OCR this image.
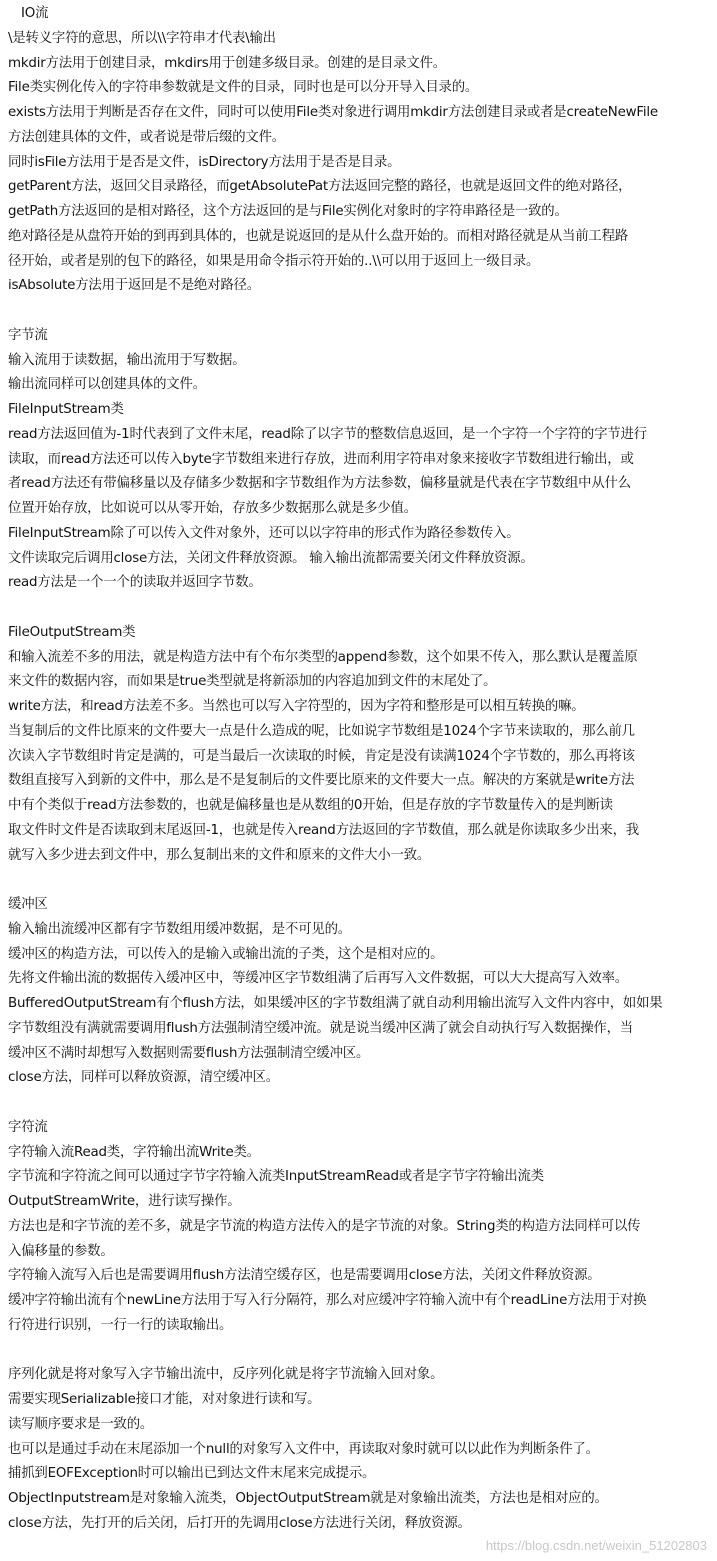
IO流
\是转义字符的意思，所以\\字符串才代表\输出
mkdir方法用于创建目录，mkdirs用于创建多级目录。创建的是目录文件。
File类实例化传入的字符串参数就是文件的目录，同时也是可以分开导入目录的。
exists方法用于判断是否存在文件，同时可以使用File类对象进行调用mkdir方法创建目录或者是createNewFile
方法创建具体的文件，或者说是带后缀的文件。
同时isFile方法用于是否是文件，isDirectory方法用于是否是目录。
getParent方法，返回父目录路径，而getAbsolutePat方法返回完整的路径，也就是返回文件的绝对路径，
getPath方法返回的是相对路径，这个方法返回的是与File实例化对象时的字符串路径是一致的。
绝对路径是从盘符开始的到再到具体的，也就是说返回的是从什么盘开始的。而相对路径就是从当前工程路
径开始，或者是别的包下的路径，如果是用命令指示符开始的..\\可以用于返回上一级目录。
isAbsolute方法用于返回是不是绝对路径。
字节流
输入流用于读数据，输出流用于写数据。
输出流同样可以创建具体的文件。
FileInputStream类
read方法返回值为-1时代表到了文件末尾，read除了以字节的整数信息返回，是一个字符一个字符的字节进行
读取，而read方法还可以传入byte字节数组来进行存放，进而利用字符串对象来接收字节数组进行输出，或
者read方法还有带偏移量以及存储多少数据和字节数组作为方法参数，偏移量就是代表在字节数组中从什么
位置开始存放，比如说可以从零开始，存放多少数据那么就是多少值。
FileInputStream除了可以传入文件对象外，还可以以字符串的形式作为路径参数传入。
文件读取完后调用close方法，关闭文件释放资源。 输入输出流都需要关闭文件释放资源。
read方法是一个一个的读取并返回字节数。
FileOutputStream类
和输入流差不多的用法，就是构造方法中有个布尔类型的append参数，这个如果不传入，那么默认是覆盖原
来文件的数据内容，而如果是true类型就是将新添加的内容追加到文件的末尾处了。
write方法，和read方法差不多。当然也可以写入字符型的，因为字符和整形是可以相互转换的嘛。
当复制后的文件比原来的文件要大一点是什么造成的呢，比如说字节数组是1024个字节来读取的，那么前几
次读入字节数组时肯定是满的，可是当最后一次读取的时候，肯定是没有读满1024个字节数的，那么再将该
数组直接写入到新的文件中，那么是不是复制后的文件要比原来的文件要大一点。解决的方案就是write方法
中有个类似于read方法参数的，也就是偏移量也是从数组的0开始，但是存放的字节数量传入的是判断读
取文件时文件是否读取到末尾返回-1，也就是传入reand方法返回的字节数值，那么就是你读取多少出来，我
就写入多少进去到文件中，那么复制出来的文件和原来的文件大小一致。
缓冲区
输入输出流缓冲区都有字节数组用缓冲数据，是不可见的。
缓冲区的构造方法，可以传入的是输入或输出流的子类，这个是相对应的。
先将文件输出流的数据传入缓冲区中，等缓冲区字节数组满了后再写入文件数据，可以大大提高写入效率。
BufferedOutputStream有个flush方法，如果缓冲区的字节数组满了就自动利用输出流写入文件内容中，如如果
字节数组没有满就需要调用flush方法强制清空缓冲流。就是说当缓冲区满了就会自动执行写入数据操作，当
缓冲区不满时却想写入数据则需要flush方法强制清空缓冲区。
close方法，同样可以释放资源，清空缓冲区。
字符流
字符输入流Read类，字符输出流Write类。
字节流和字符流之间可以通过字节字符输入流类InputStreamRead或者是字节字符输出流类
OutputStreamWrite，进行读写操作。
方法也是和字节流的差不多，就是字节流的构造方法传入的是字节流的对象。String类的构造方法同样可以传
入偏移量的参数。
字符输入流写入后也是需要调用flush方法清空缓存区，也是需要调用close方法，关闭文件释放资源。
缓冲字符输出流有个newLine方法用于写入行分隔符，那么对应缓冲字符输入流中有个readLine方法用于对换
行符进行识别，一行一行的读取输出。
序列化就是将对象写入字节输出流中，反序列化就是将字节流输入回对象。
需要实现Serializable接口才能，对对象进行读和写。
读写顺序要求是一致的。
也可以是通过手动在末尾添加一个null的对象写入文件中，再读取对象时就可以以此作为判断条件了。
捕抓到EOFException时可以输出已到达文件末尾来完成提示。
ObjectInputstream是对象输入流类，ObjectOutputStream就是对象输出流类，方法也是相对应的。
close方法，先打开的后关闭，后打开的先调用close方法进行关闭，释放资源。
https://blog.csdn.net/weixin_51202803
